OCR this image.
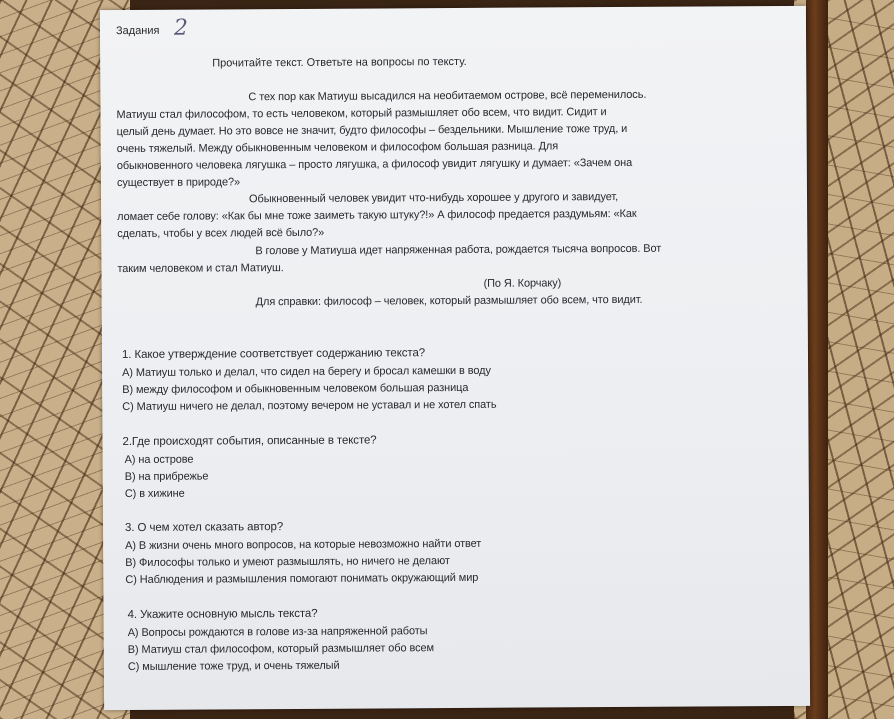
Задания 2
Прочитайте текст. Ответьте на вопросы по тексту.
С тех пор как Матиуш высадился на необитаемом острове, всё переменилось.
Матиуш стал философом, то есть человеком, который размышляет обо всем, что видит. Сидит и
целый день думает. Но это вовсе не значит, будто философы – бездельники. Мышление тоже труд, и
очень тяжелый. Между обыкновенным человеком и философом большая разница. Для
обыкновенного человека лягушка – просто лягушка, а философ увидит лягушку и думает: «Зачем она
существует в природе?»
Обыкновенный человек увидит что-нибудь хорошее у другого и завидует,
ломает себе голову: «Как бы мне тоже заиметь такую штуку?!» А философ предается раздумьям: «Как
сделать, чтобы у всех людей всё было?»
В голове у Матиуша идет напряженная работа, рождается тысяча вопросов. Вот
таким человеком и стал Матиуш.
(По Я. Корчаку)
Для справки: философ – человек, который размышляет обо всем, что видит.
1. Какое утверждение соответствует содержанию текста?
А) Матиуш только и делал, что сидел на берегу и бросал камешки в воду
В) между философом и обыкновенным человеком большая разница
С) Матиуш ничего не делал, поэтому вечером не уставал и не хотел спать
2.Где происходят события, описанные в тексте?
А) на острове
В) на прибрежье
С) в хижине
3. О чем хотел сказать автор?
А) В жизни очень много вопросов, на которые невозможно найти ответ
В) Философы только и умеют размышлять, но ничего не делают
С) Наблюдения и размышления помогают понимать окружающий мир
4. Укажите основную мысль текста?
А) Вопросы рождаются в голове из-за напряженной работы
В) Матиуш стал философом, который размышляет обо всем
С) мышление тоже труд, и очень тяжелый
